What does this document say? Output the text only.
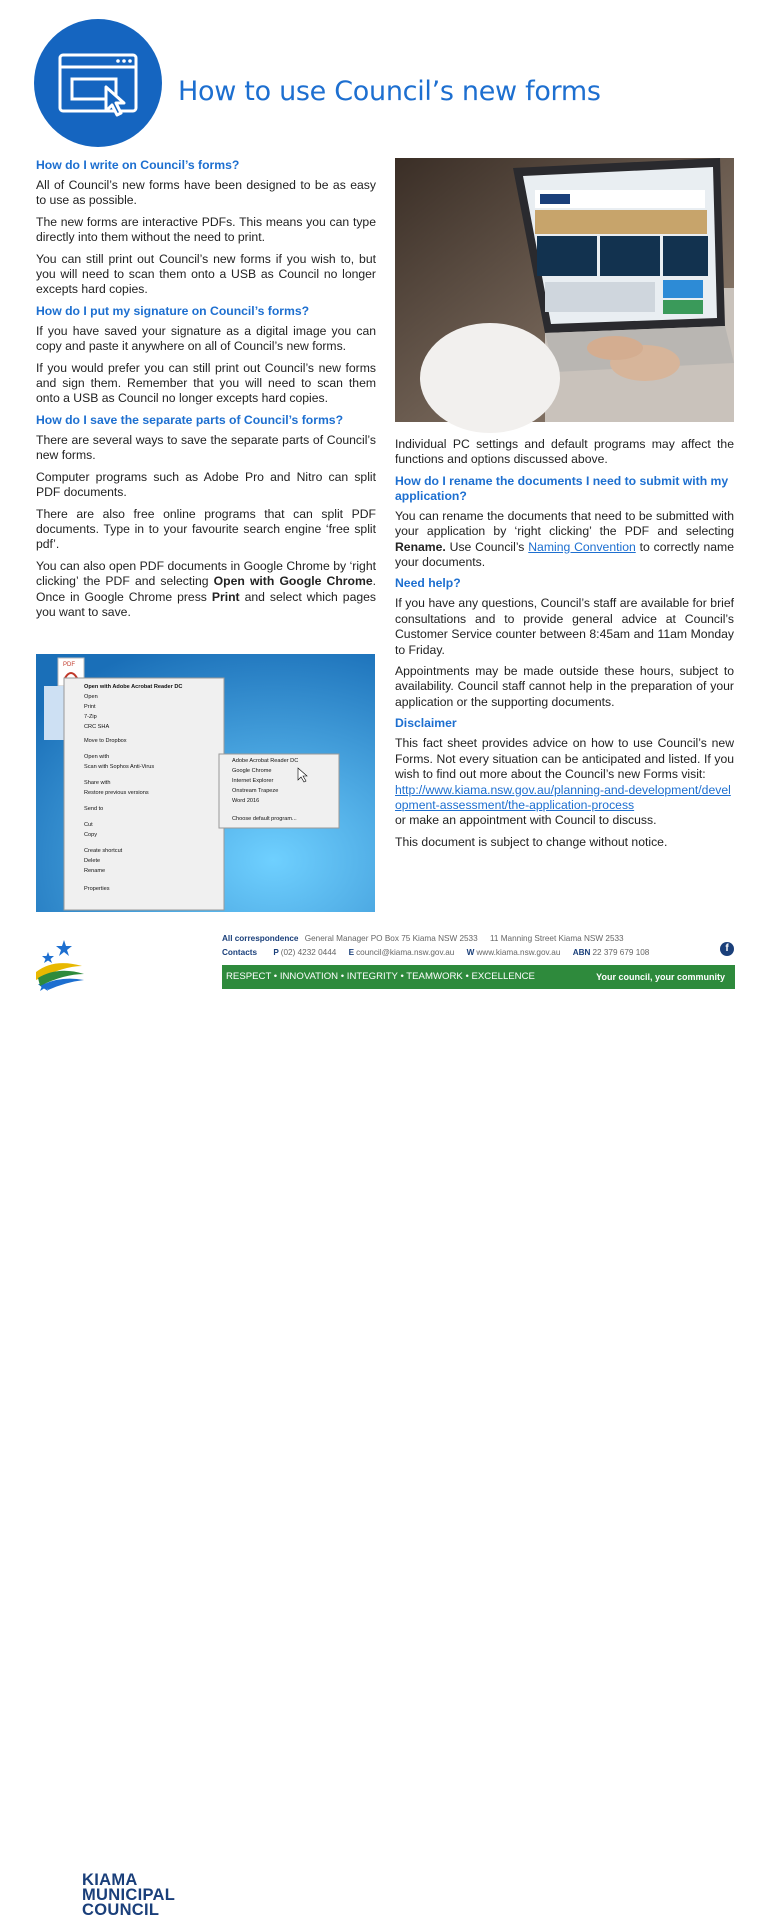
How to use Council’s new forms
How do I write on Council’s forms?

All of Council’s new forms have been designed to be as easy to use as possible.

The new forms are interactive PDFs. This means you can type directly into them without the need to print.

You can still print out Council’s new forms if you wish to, but you will need to scan them onto a USB as Council no longer excepts hard copies.

How do I put my signature on Council’s forms?

If you have saved your signature as a digital image you can copy and paste it anywhere on all of Council’s new forms.

If you would prefer you can still print out Council’s new forms and sign them. Remember that you will need to scan them onto a USB as Council no longer excepts hard copies.

How do I save the separate parts of Council’s forms?

There are several ways to save the separate parts of Council’s new forms.

Computer programs such as Adobe Pro and Nitro can split PDF documents.

There are also free online programs that can split PDF documents. Type in to your favourite search engine ‘free split pdf’.

You can also open PDF documents in Google Chrome by ‘right clicking’ the PDF and selecting Open with Google Chrome. Once in Google Chrome press Print and select which pages you want to save.

PDF
Open with Adobe Acrobat Reader DC
Open
Print
7-Zip
CRC SHA
Move to Dropbox
Open with
Scan with Sophos Anti-Virus
Share with
Restore previous versions
Send to
Cut
Copy
Create shortcut
Delete
Rename
Properties
Adobe Acrobat Reader DC
Google Chrome
Internet Explorer
Onstream Trapeze
Word 2016
Choose default program...

Individual PC settings and default programs may affect the functions and options discussed above.

How do I rename the documents I need to submit with my application?

You can rename the documents that need to be submitted with your application by ‘right clicking’ the PDF and selecting Rename. Use Council’s Naming Convention to correctly name your documents.

Need help?

If you have any questions, Council’s staff are available for brief consultations and to provide general advice at Council’s Customer Service counter between 8:45am and 11am Monday to Friday.

Appointments may be made outside these hours, subject to availability. Council staff cannot help in the preparation of your application or the supporting documents.

Disclaimer

This fact sheet provides advice on how to use Council’s new Forms. Not every situation can be anticipated and listed. If you wish to find out more about the Council’s new Forms visit:

http://www.kiama.nsw.gov.au/planning-and-development/development-assessment/the-application-process

or make an appointment with Council to discuss.

This document is subject to change without notice.

KIAMA
MUNICIPAL
COUNCIL
All correspondence General Manager PO Box 75 Kiama NSW 2533 11 Manning Street Kiama NSW 2533
Contacts P (02) 4232 0444 E council@kiama.nsw.gov.au W www.kiama.nsw.gov.au ABN 22 379 679 108	f
RESPECT • INNOVATION • INTEGRITY • TEAMWORK • EXCELLENCE	Your council, your community
